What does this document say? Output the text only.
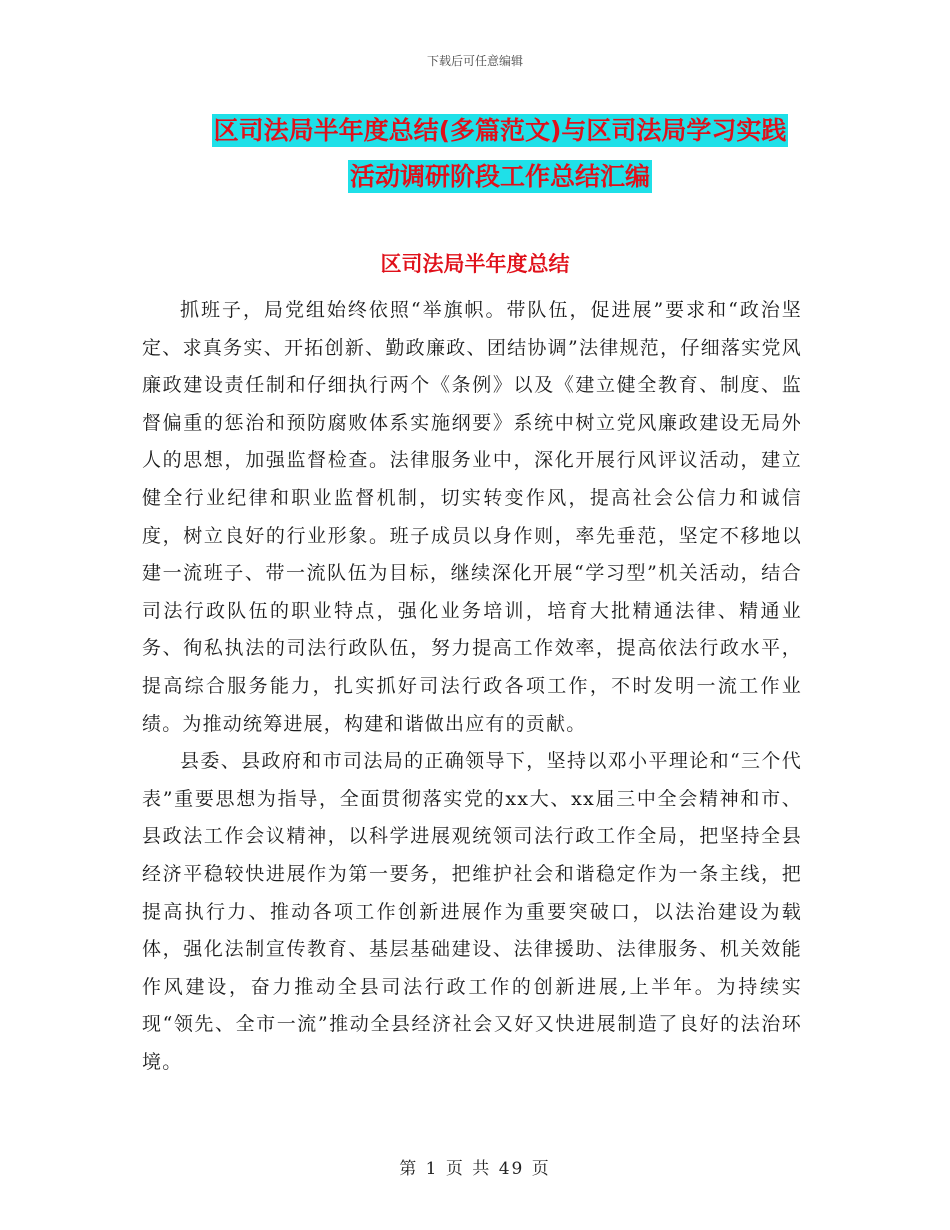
下载后可任意编辑
区司法局半年度总结(多篇范文)与区司法局学习实践
活动调研阶段工作总结汇编
区司法局半年度总结

抓班子，局党组始终依照“举旗帜。带队伍，促进展”要求和“政治坚定、求真务实、开拓创新、勤政廉政、团结协调”法律规范，仔细落实党风廉政建设责任制和仔细执行两个《条例》以及《建立健全教育、制度、监督偏重的惩治和预防腐败体系实施纲要》系统中树立党风廉政建设无局外人的思想，加强监督检查。法律服务业中，深化开展行风评议活动，建立健全行业纪律和职业监督机制，切实转变作风，提高社会公信力和诚信度，树立良好的行业形象。班子成员以身作则，率先垂范，坚定不移地以建一流班子、带一流队伍为目标，继续深化开展“学习型”机关活动，结合司法行政队伍的职业特点，强化业务培训，培育大批精通法律、精通业务、徇私执法的司法行政队伍，努力提高工作效率，提高依法行政水平，提高综合服务能力，扎实抓好司法行政各项工作，不时发明一流工作业绩。为推动统筹进展，构建和谐做出应有的贡献。

县委、县政府和市司法局的正确领导下，坚持以邓小平理论和“三个代表”重要思想为指导，全面贯彻落实党的xx大、xx届三中全会精神和市、县政法工作会议精神，以科学进展观统领司法行政工作全局，把坚持全县经济平稳较快进展作为第一要务，把维护社会和谐稳定作为一条主线，把提高执行力、推动各项工作创新进展作为重要突破口，以法治建设为载体，强化法制宣传教育、基层基础建设、法律援助、法律服务、机关效能作风建设，奋力推动全县司法行政工作的创新进展,上半年。为持续实现“领先、全市一流”推动全县经济社会又好又快进展制造了良好的法治环境。

第 1 页 共 49 页
